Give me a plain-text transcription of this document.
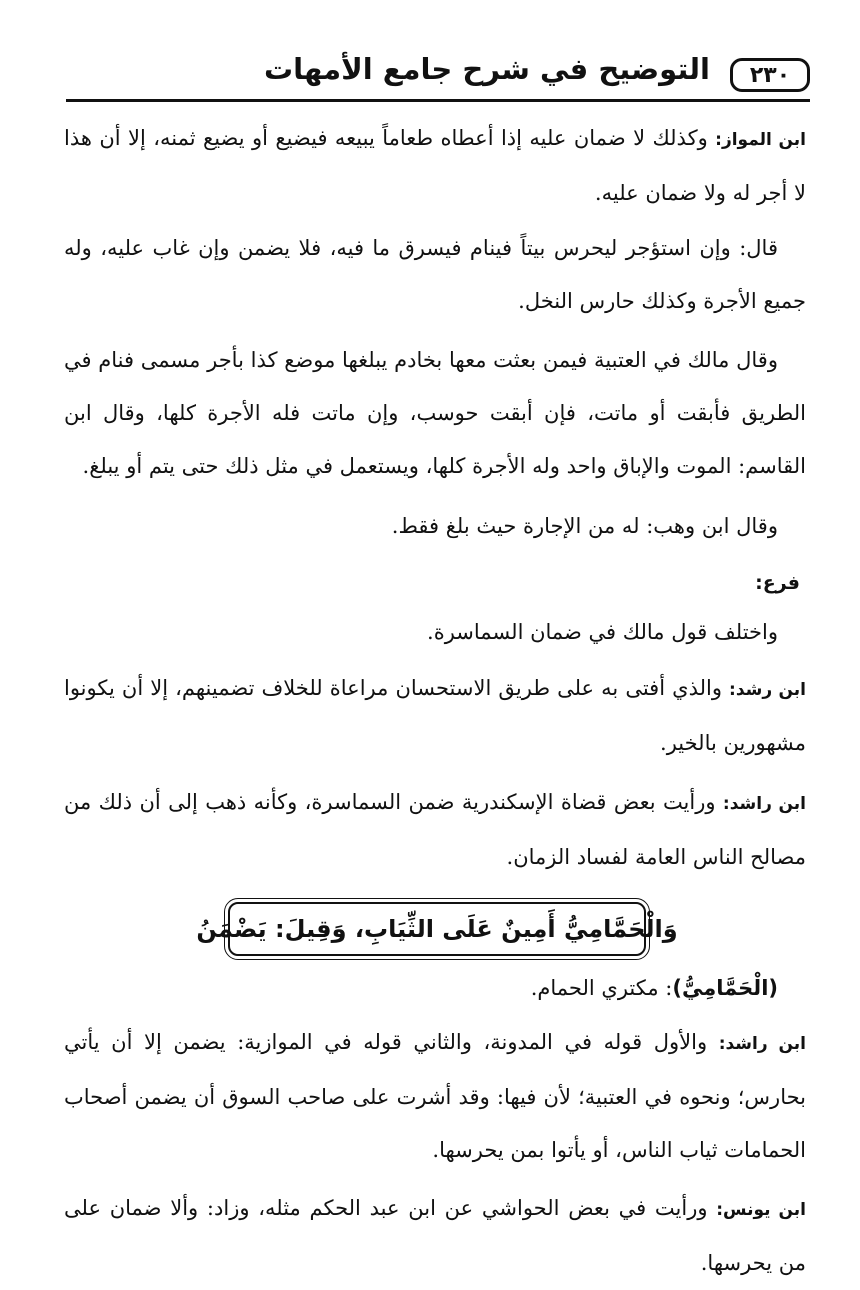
٢٣٠
التوضيح في شرح جامع الأمهات

ابن المواز: وكذلك لا ضمان عليه إذا أعطاه طعاماً يبيعه فيضيع أو يضيع ثمنه، إلا أن هذا لا أجر له ولا ضمان عليه.

قال: وإن استؤجر ليحرس بيتاً فينام فيسرق ما فيه، فلا يضمن وإن غاب عليه، وله جميع الأجرة وكذلك حارس النخل.

وقال مالك في العتبية فيمن بعثت معها بخادم يبلغها موضع كذا بأجر مسمى فنام في الطريق فأبقت أو ماتت، فإن أبقت حوسب، وإن ماتت فله الأجرة كلها، وقال ابن القاسم: الموت والإباق واحد وله الأجرة كلها، ويستعمل في مثل ذلك حتى يتم أو يبلغ.

وقال ابن وهب: له من الإجارة حيث بلغ فقط.

فرع:

واختلف قول مالك في ضمان السماسرة.

ابن رشد: والذي أفتى به على طريق الاستحسان مراعاة للخلاف تضمينهم، إلا أن يكونوا مشهورين بالخير.

ابن راشد: ورأيت بعض قضاة الإسكندرية ضمن السماسرة، وكأنه ذهب إلى أن ذلك من مصالح الناس العامة لفساد الزمان.

وَالْحَمَّامِيُّ أَمِينٌ عَلَى الثِّيَابِ، وَقِيلَ: يَضْمَنُ

(الْحَمَّامِيُّ): مكتري الحمام.

ابن راشد: والأول قوله في المدونة، والثاني قوله في الموازية: يضمن إلا أن يأتي بحارس؛ ونحوه في العتبية؛ لأن فيها: وقد أشرت على صاحب السوق أن يضمن أصحاب الحمامات ثياب الناس، أو يأتوا بمن يحرسها.

ابن يونس: ورأيت في بعض الحواشي عن ابن عبد الحكم مثله، وزاد: وألا ضمان على من يحرسها.
